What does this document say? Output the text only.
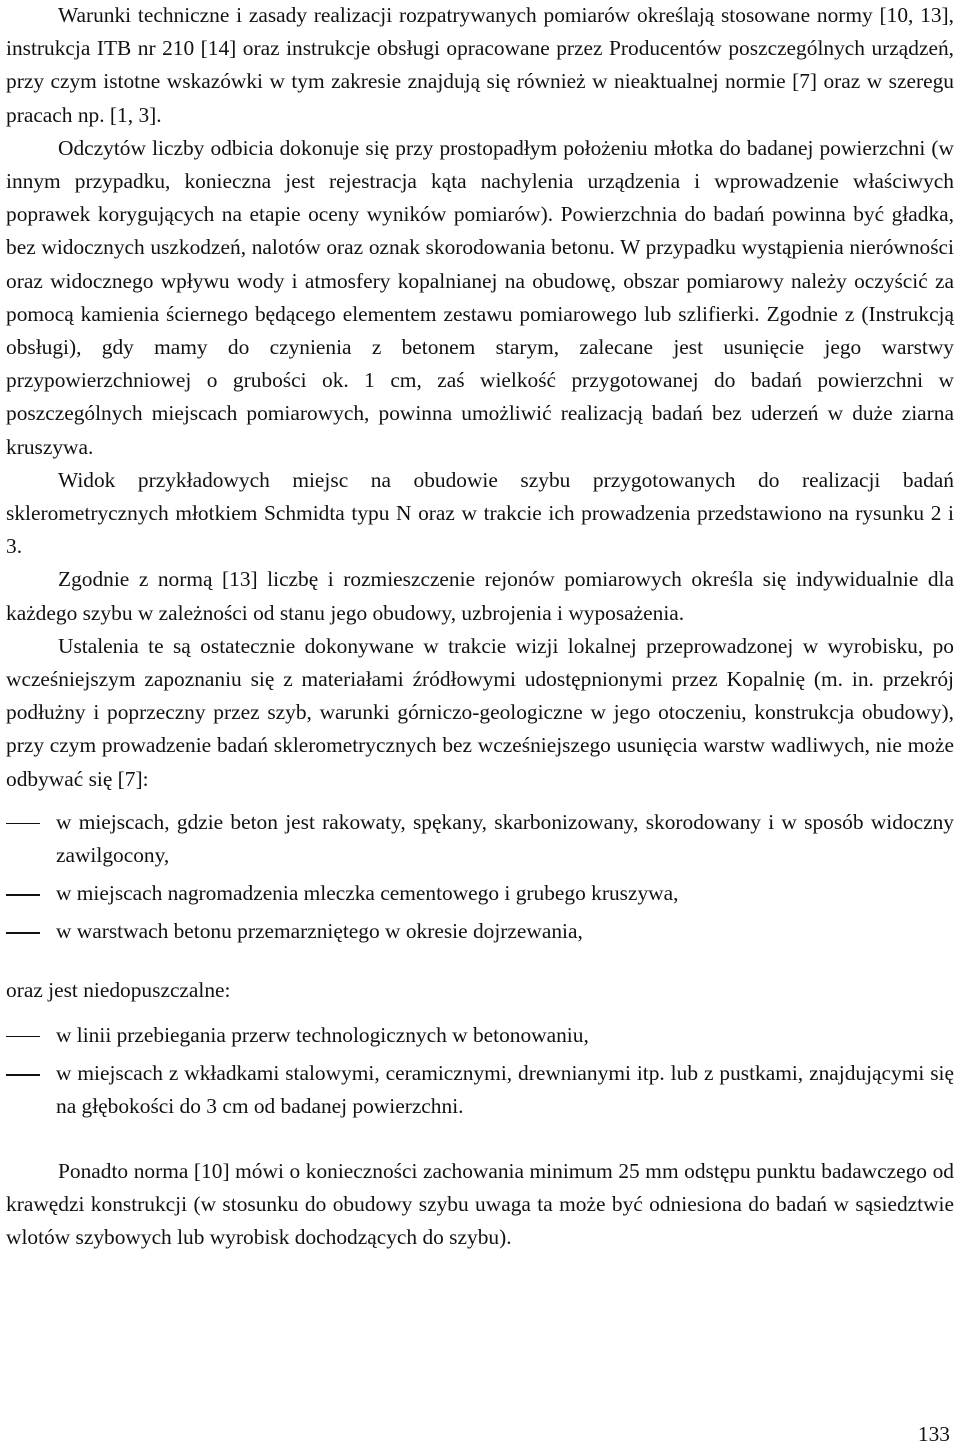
Warunki techniczne i zasady realizacji rozpatrywanych pomiarów określają stosowane normy [10, 13], instrukcja ITB nr 210 [14] oraz instrukcje obsługi opracowane przez Producentów poszczególnych urządzeń, przy czym istotne wskazówki w tym zakresie znajdują się również w nieaktualnej normie [7] oraz w szeregu pracach np. [1, 3].

Odczytów liczby odbicia dokonuje się przy prostopadłym położeniu młotka do badanej powierzchni (w innym przypadku, konieczna jest rejestracja kąta nachylenia urządzenia i wprowadzenie właściwych poprawek korygujących na etapie oceny wyników pomiarów). Powierzchnia do badań powinna być gładka, bez widocznych uszkodzeń, nalotów oraz oznak skorodowania betonu. W przypadku wystąpienia nierówności oraz widocznego wpływu wody i atmosfery kopalnianej na obudowę, obszar pomiarowy należy oczyścić za pomocą kamienia ściernego będącego elementem zestawu pomiarowego lub szlifierki. Zgodnie z (Instrukcją obsługi), gdy mamy do czynienia z betonem starym, zalecane jest usunięcie jego warstwy przypowierzchniowej o grubości ok. 1 cm, zaś wielkość przygotowanej do badań powierzchni w poszczególnych miejscach pomiarowych, powinna umożliwić realizacją badań bez uderzeń w duże ziarna kruszywa.

Widok przykładowych miejsc na obudowie szybu przygotowanych do realizacji badań sklerometrycznych młotkiem Schmidta typu N oraz w trakcie ich prowadzenia przedstawiono na rysunku 2 i 3.

Zgodnie z normą [13] liczbę i rozmieszczenie rejonów pomiarowych określa się indywidualnie dla każdego szybu w zależności od stanu jego obudowy, uzbrojenia i wyposażenia.

Ustalenia te są ostatecznie dokonywane w trakcie wizji lokalnej przeprowadzonej w wyrobisku, po wcześniejszym zapoznaniu się z materiałami źródłowymi udostępnionymi przez Kopalnię (m. in. przekrój podłużny i poprzeczny przez szyb, warunki górniczo-geologiczne w jego otoczeniu, konstrukcja obudowy), przy czym prowadzenie badań sklerometrycznych bez wcześniejszego usunięcia warstw wadliwych, nie może odbywać się [7]:

w miejscach, gdzie beton jest rakowaty, spękany, skarbonizowany, skorodowany i w sposób widoczny zawilgocony,
w miejscach nagromadzenia mleczka cementowego i grubego kruszywa,
w warstwach betonu przemarzniętego w okresie dojrzewania,

oraz jest niedopuszczalne:

w linii przebiegania przerw technologicznych w betonowaniu,
w miejscach z wkładkami stalowymi, ceramicznymi, drewnianymi itp. lub z pustkami, znajdującymi się na głębokości do 3 cm od badanej powierzchni.

Ponadto norma [10] mówi o konieczności zachowania minimum 25 mm odstępu punktu badawczego od krawędzi konstrukcji (w stosunku do obudowy szybu uwaga ta może być odniesiona do badań w sąsiedztwie wlotów szybowych lub wyrobisk dochodzących do szybu).

133
